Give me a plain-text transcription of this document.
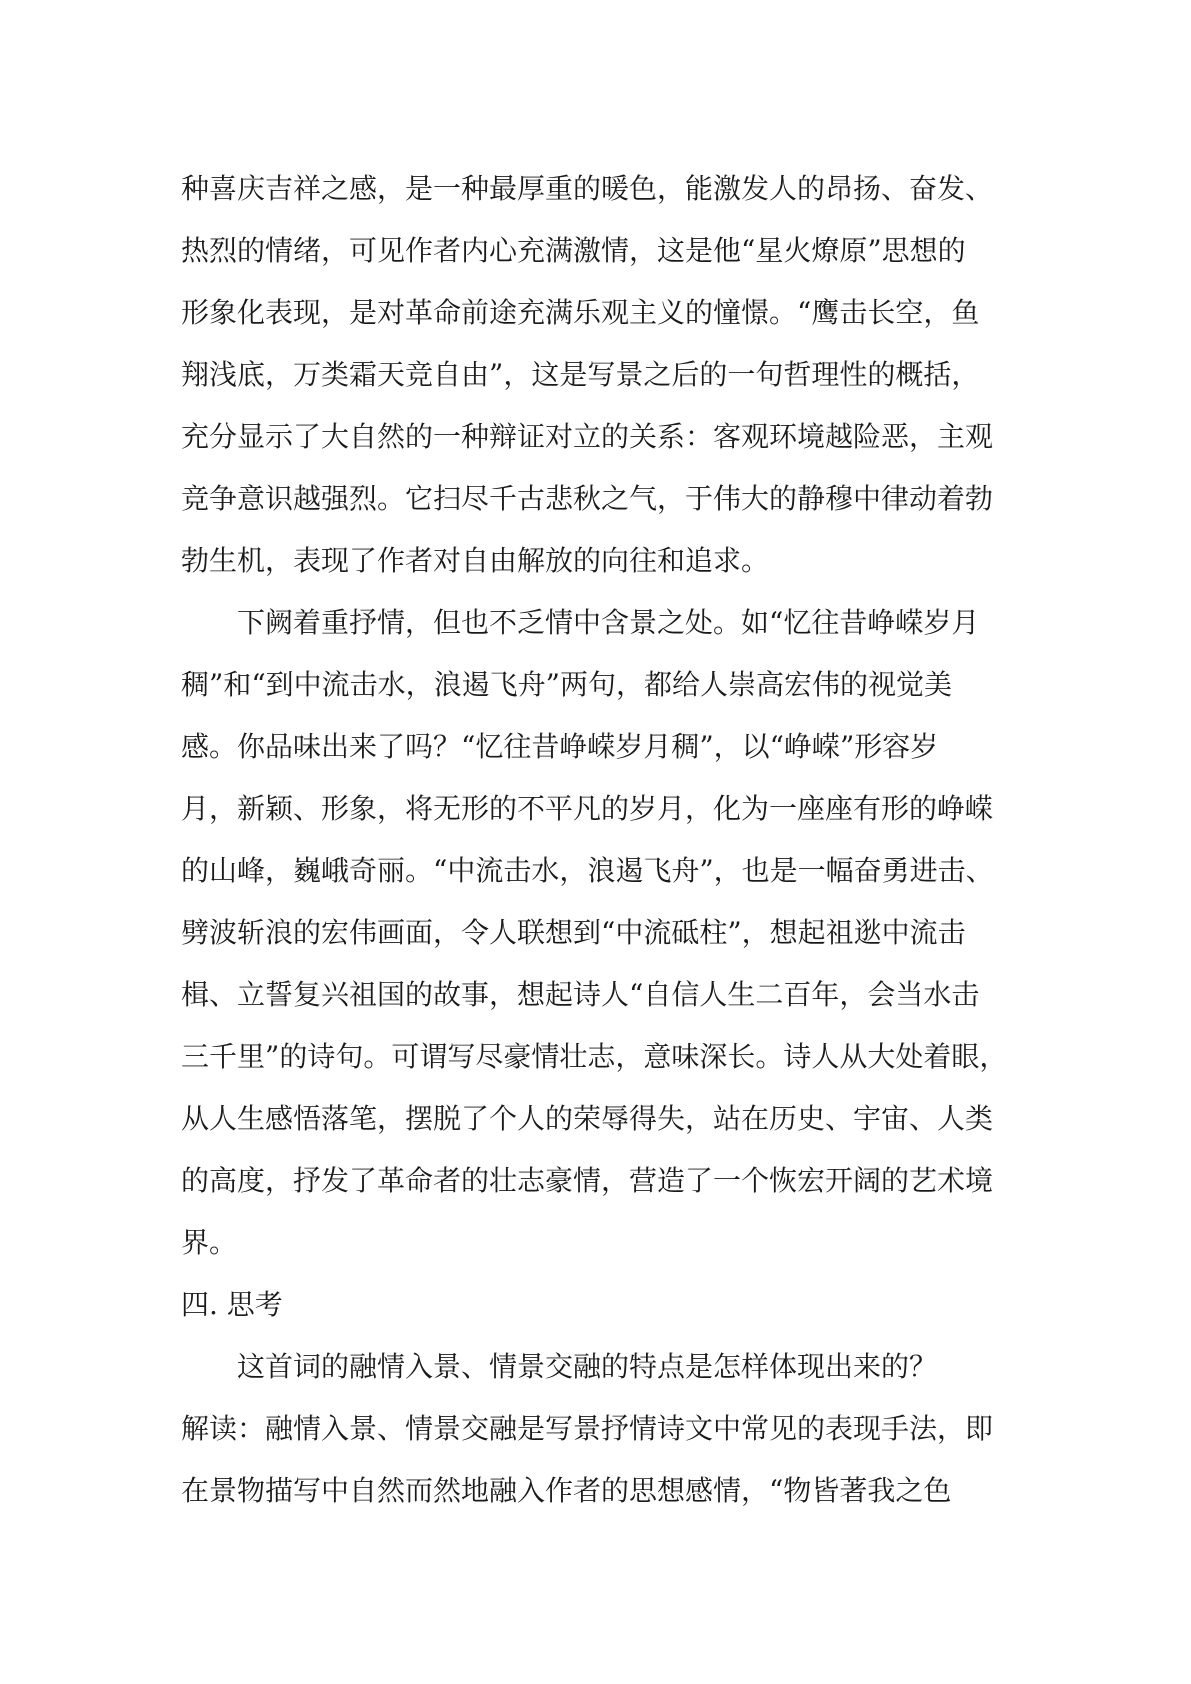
种喜庆吉祥之感，是一种最厚重的暖色，能激发人的昂扬、奋发、
热烈的情绪，可见作者内心充满激情，这是他“星火燎原”思想的
形象化表现，是对革命前途充满乐观主义的憧憬。“鹰击长空，鱼
翔浅底，万类霜天竞自由”，这是写景之后的一句哲理性的概括，
充分显示了大自然的一种辩证对立的关系：客观环境越险恶，主观
竞争意识越强烈。它扫尽千古悲秋之气，于伟大的静穆中律动着勃
勃生机，表现了作者对自由解放的向往和追求。
下阙着重抒情，但也不乏情中含景之处。如“忆往昔峥嵘岁月
稠”和“到中流击水，浪遏飞舟”两句，都给人崇高宏伟的视觉美
感。你品味出来了吗？“忆往昔峥嵘岁月稠”，以“峥嵘”形容岁
月，新颖、形象，将无形的不平凡的岁月，化为一座座有形的峥嵘
的山峰，巍峨奇丽。“中流击水，浪遏飞舟”，也是一幅奋勇进击、
劈波斩浪的宏伟画面，令人联想到“中流砥柱”，想起祖逖中流击
楫、立誓复兴祖国的故事，想起诗人“自信人生二百年，会当水击
三千里”的诗句。可谓写尽豪情壮志，意味深长。诗人从大处着眼，
从人生感悟落笔，摆脱了个人的荣辱得失，站在历史、宇宙、人类
的高度，抒发了革命者的壮志豪情，营造了一个恢宏开阔的艺术境
界。
四. 思考
这首词的融情入景、情景交融的特点是怎样体现出来的？
解读：融情入景、情景交融是写景抒情诗文中常见的表现手法，即
在景物描写中自然而然地融入作者的思想感情，“物皆著我之色
